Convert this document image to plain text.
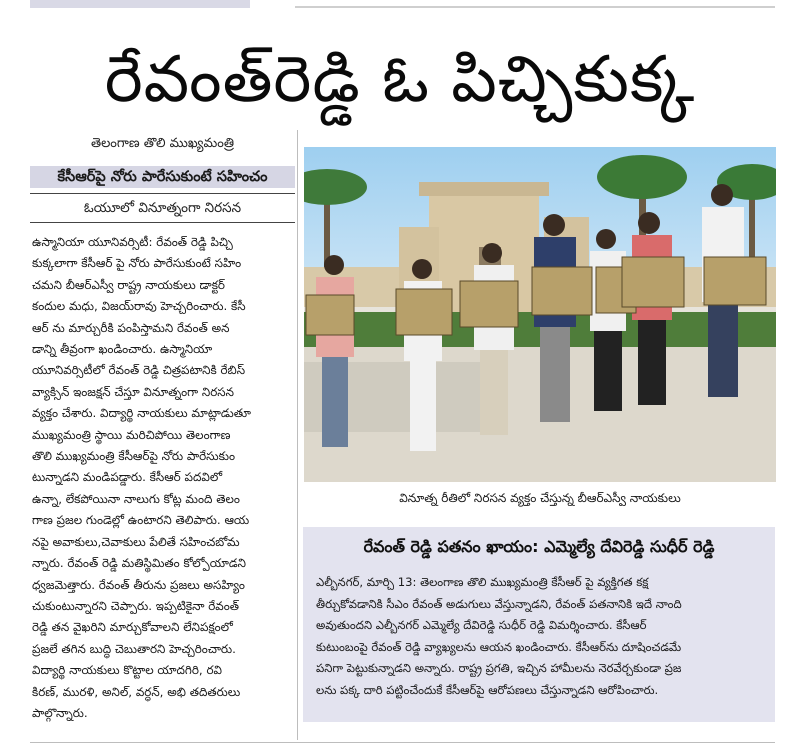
రేవంత్‌రెడ్డి ఓ పిచ్చికుక్క
తెలంగాణ తొలి ముఖ్యమంత్రి
కేసీఆర్‌పై నోరు పారేసుకుంటే సహించం
ఓయూలో వినూత్నంగా నిరసన
ఉస్మానియా యూనివర్సిటీ: రేవంత్ రెడ్డి పిచ్చి
కుక్కలాగా కేసీఆర్ పై నోరు పారేసుకుంటే సహిం
చమని బీఆర్ఎస్వీ రాష్ట్ర నాయకులు డాక్టర్
కందుల మధు, విజయ్‌రావు హెచ్చరించారు. కేసీ
ఆర్ ను మార్చురీకి పంపిస్తామని రేవంత్ అన
డాన్ని తీవ్రంగా ఖండించారు. ఉస్మానియా
యూనివర్సిటీలో రేవంత్ రెడ్డి చిత్రపటానికి రేబిస్
వ్యాక్సిన్ ఇంజక్షన్ చేస్తూ వినూత్నంగా నిరసన
వ్యక్తం చేశారు. విద్యార్థి నాయకులు మాట్లాడుతూ
ముఖ్యమంత్రి స్థాయి మరిచిపోయి తెలంగాణ
తొలి ముఖ్యమంత్రి కేసీఆర్‌పై నోరు పారేసుకుం
టున్నాడని మండిపడ్డారు. కేసీఆర్ పదవిలో
ఉన్నా, లేకపోయినా నాలుగు కోట్ల మంది తెలం
గాణ ప్రజల గుండెల్లో ఉంటారని తెలిపారు. ఆయ
నపై అవాకులు,చెవాకులు పేలితే సహించబోమ
న్నారు. రేవంత్ రెడ్డి మతిస్థిమితం కోల్పోయాడని
ధ్వజమెత్తారు. రేవంత్ తీరును ప్రజలు అసహ్యిం
చుకుంటున్నారని చెప్పారు. ఇప్పటికైనా రేవంత్
రెడ్డి తన వైఖరిని మార్చుకోవాలని లేనిపక్షంలో
ప్రజలే తగిన బుద్ధి చెబుతారని హెచ్చరించారు.
విద్యార్థి నాయకులు కొట్టాల యాదగిరి, రవి
కిరణ్, మురళి, అనిల్, వర్ధన్, అభి తదితరులు
పాల్గొన్నారు.
వినూత్న రీతిలో నిరసన వ్యక్తం చేస్తున్న బీఆర్ఎస్వీ నాయకులు
రేవంత్ రెడ్డి పతనం ఖాయం: ఎమ్మెల్యే దేవిరెడ్డి సుధీర్ రెడ్డి
ఎల్బీనగర్, మార్చి 13: తెలంగాణ తొలి ముఖ్యమంత్రి కేసీఆర్ పై వ్యక్తిగత కక్ష
తీర్చుకోవడానికి సీఎం రేవంత్ అడుగులు వేస్తున్నాడని, రేవంత్ పతనానికి ఇదే నాంది
అవుతుందని ఎల్బీనగర్ ఎమ్మెల్యే దేవిరెడ్డి సుధీర్ రెడ్డి విమర్శించారు. కేసీఆర్
కుటుంబంపై రేవంత్ రెడ్డి వ్యాఖ్యలను ఆయన ఖండించారు. కేసీఆర్‌ను దూషించడమే
పనిగా పెట్టుకున్నాడని అన్నారు. రాష్ట్ర ప్రగతి, ఇచ్చిన హామీలను నెరవేర్చకుండా ప్రజ
లను పక్క దారి పట్టించేందుకే కేసీఆర్‌పై ఆరోపణలు చేస్తున్నాడని ఆరోపించారు.
